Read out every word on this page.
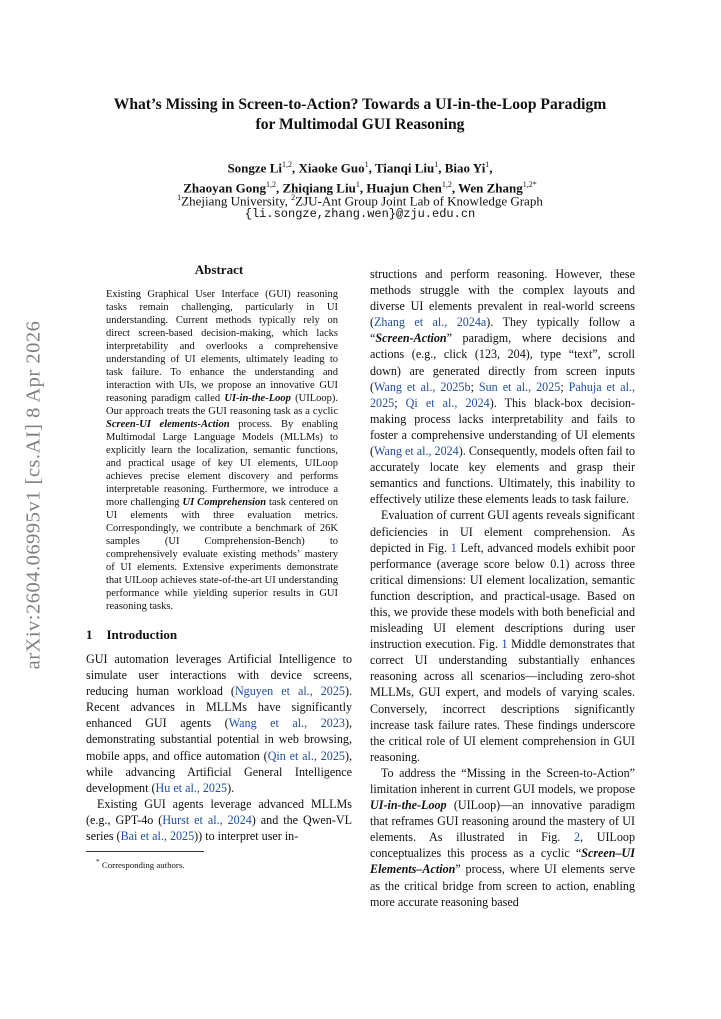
arXiv:2604.06995v1 [cs.AI] 8 Apr 2026
What’s Missing in Screen-to-Action? Towards a UI-in-the-Loop Paradigm
for Multimodal GUI Reasoning
Songze Li$^{1,2}$, Xiaoke Guo$^1$, Tianqi Liu$^1$, Biao Yi$^1$,
Zhaoyan Gong$^{1,2}$, Zhiqiang Liu$^1$, Huajun Chen$^{1,2}$, Wen Zhang$^{1,2*}$
$^1$Zhejiang University, $^2$ZJU-Ant Group Joint Lab of Knowledge Graph
{li.songze,zhang.wen}@zju.edu.cn
Abstract

Existing Graphical User Interface (GUI) reasoning tasks remain challenging, particularly in UI understanding. Current methods typically rely on direct screen-based decision-making, which lacks interpretability and overlooks a comprehensive understanding of UI elements, ultimately leading to task failure. To enhance the understanding and interaction with UIs, we propose an innovative GUI reasoning paradigm called UI-in-the-Loop (UILoop). Our approach treats the GUI reasoning task as a cyclic Screen-UI elements-Action process. By enabling Multimodal Large Language Models (MLLMs) to explicitly learn the localization, semantic functions, and practical usage of key UI elements, UILoop achieves precise element discovery and performs interpretable reasoning. Furthermore, we introduce a more challenging UI Comprehension task centered on UI elements with three evaluation metrics. Correspondingly, we contribute a benchmark of 26K samples (UI Comprehension-Bench) to comprehensively evaluate existing methods’ mastery of UI elements. Extensive experiments demonstrate that UILoop achieves state-of-the-art UI understanding performance while yielding superior results in GUI reasoning tasks.

1 Introduction

GUI automation leverages Artificial Intelligence to simulate user interactions with device screens, reducing human workload (Nguyen et al., 2025). Recent advances in MLLMs have significantly enhanced GUI agents (Wang et al., 2023), demonstrating substantial potential in web browsing, mobile apps, and office automation (Qin et al., 2025), while advancing Artificial General Intelligence development (Hu et al., 2025).

Existing GUI agents leverage advanced MLLMs (e.g., GPT-4o (Hurst et al., 2024) and the Qwen-VL series (Bai et al., 2025)) to interpret user in-

* Corresponding authors.

structions and perform reasoning. However, these methods struggle with the complex layouts and diverse UI elements prevalent in real-world screens (Zhang et al., 2024a). They typically follow a “Screen-Action” paradigm, where decisions and actions (e.g., click (123, 204), type “text”, scroll down) are generated directly from screen inputs (Wang et al., 2025b; Sun et al., 2025; Pahuja et al., 2025; Qi et al., 2024). This black-box decision-making process lacks interpretability and fails to foster a comprehensive understanding of UI elements (Wang et al., 2024). Consequently, models often fail to accurately locate key elements and grasp their semantics and functions. Ultimately, this inability to effectively utilize these elements leads to task failure.

Evaluation of current GUI agents reveals significant deficiencies in UI element comprehension. As depicted in Fig. 1 Left, advanced models exhibit poor performance (average score below 0.1) across three critical dimensions: UI element localization, semantic function description, and practical-usage. Based on this, we provide these models with both beneficial and misleading UI element descriptions during user instruction execution. Fig. 1 Middle demonstrates that correct UI understanding substantially enhances reasoning across all scenarios—including zero-shot MLLMs, GUI expert, and models of varying scales. Conversely, incorrect descriptions significantly increase task failure rates. These findings underscore the critical role of UI element comprehension in GUI reasoning.

To address the “Missing in the Screen-to-Action” limitation inherent in current GUI models, we propose UI-in-the-Loop (UILoop)—an innovative paradigm that reframes GUI reasoning around the mastery of UI elements. As illustrated in Fig. 2, UILoop conceptualizes this process as a cyclic “Screen–UI Elements–Action” process, where UI elements serve as the critical bridge from screen to action, enabling more accurate reasoning based
